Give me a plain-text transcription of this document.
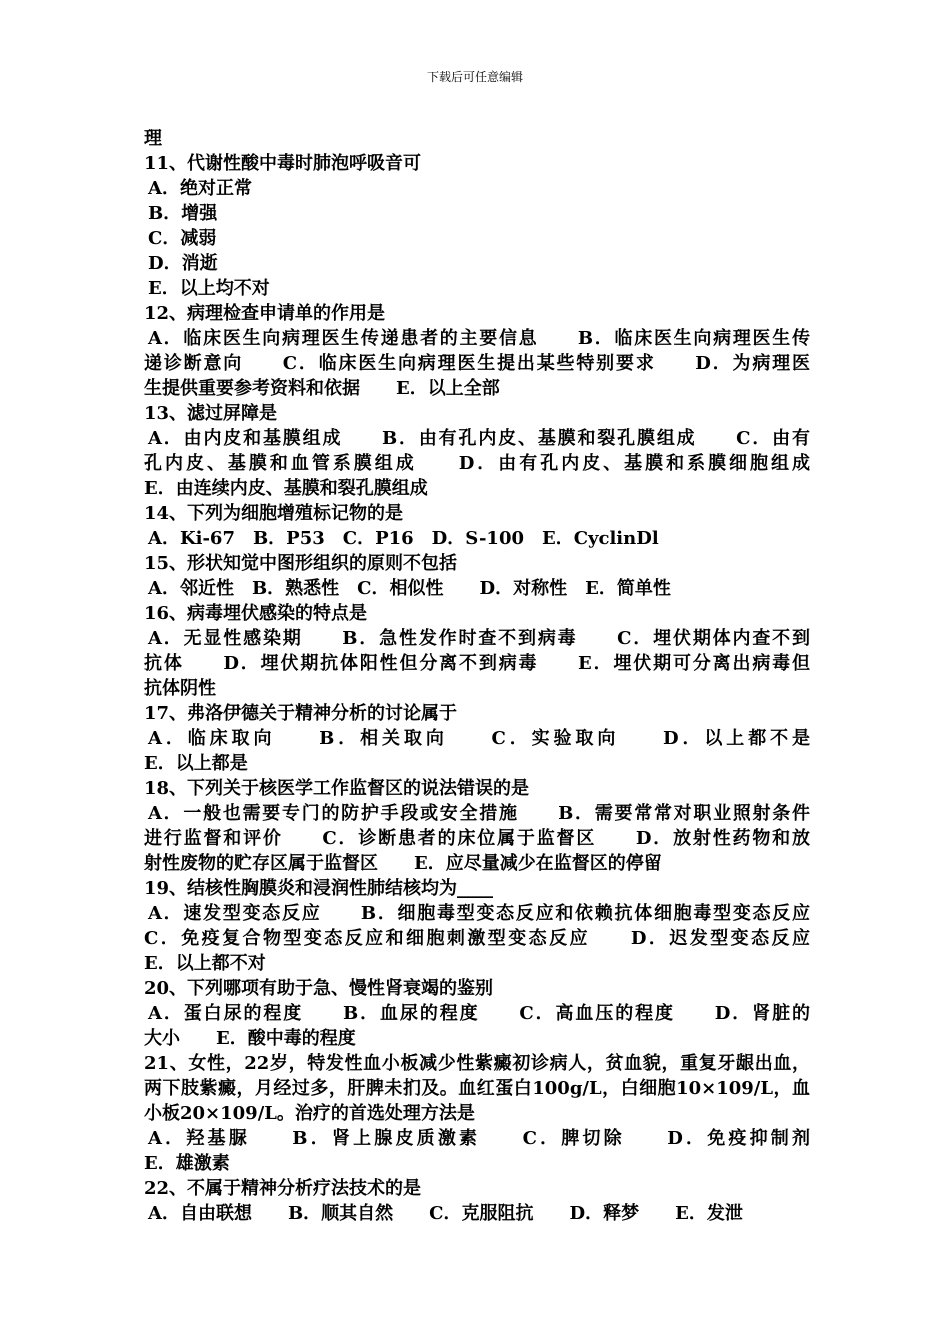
下载后可任意编辑
理
11、代谢性酸中毒时肺泡呼吸音可
A．绝对正常
B．增强
C．减弱
D．消逝
E．以上均不对
12、病理检查申请单的作用是
A．临床医生向病理医生传递患者的主要信息　　B．临床医生向病理医生传
递诊断意向　　C．临床医生向病理医生提出某些特别要求　　D．为病理医
生提供重要参考资料和依据　　E．以上全部
13、滤过屏障是
A．由内皮和基膜组成　　B．由有孔内皮、基膜和裂孔膜组成　　C．由有
孔内皮、基膜和血管系膜组成　　D．由有孔内皮、基膜和系膜细胞组成
E．由连续内皮、基膜和裂孔膜组成
14、下列为细胞增殖标记物的是
A．Ki-67　B．P53　C．P16　D．S-100　E．CyclinDl
15、形状知觉中图形组织的原则不包括
A．邻近性　B．熟悉性　C．相似性　　D．对称性　E．简单性
16、病毒埋伏感染的特点是
A．无显性感染期　　B．急性发作时查不到病毒　　C．埋伏期体内查不到
抗体　　D．埋伏期抗体阳性但分离不到病毒　　E．埋伏期可分离出病毒但
抗体阴性
17、弗洛伊德关于精神分析的讨论属于
A．临床取向　　B．相关取向　　C．实验取向　　D．以上都不是
E．以上都是
18、下列关于核医学工作监督区的说法错误的是
A．一般也需要专门的防护手段或安全措施　　B．需要常常对职业照射条件
进行监督和评价　　C．诊断患者的床位属于监督区　　D．放射性药物和放
射性废物的贮存区属于监督区　　E．应尽量减少在监督区的停留
19、结核性胸膜炎和浸润性肺结核均为____
A．速发型变态反应　　B．细胞毒型变态反应和依赖抗体细胞毒型变态反应
C．免疫复合物型变态反应和细胞刺激型变态反应　　D．迟发型变态反应
E．以上都不对
20、下列哪项有助于急、慢性肾衰竭的鉴别
A．蛋白尿的程度　　B．血尿的程度　　C．高血压的程度　　D．肾脏的
大小　　E．酸中毒的程度
21、女性，22岁，特发性血小板减少性紫癜初诊病人，贫血貌，重复牙龈出血，
两下肢紫癜，月经过多，肝脾未扪及。血红蛋白100g/L，白细胞10×109/L，血
小板20×109/L。治疗的首选处理方法是
A．羟基脲　　B．肾上腺皮质激素　　C．脾切除　　D．免疫抑制剂
E．雄激素
22、不属于精神分析疗法技术的是
A．自由联想　　B．顺其自然　　C．克服阻抗　　D．释梦　　E．发泄
